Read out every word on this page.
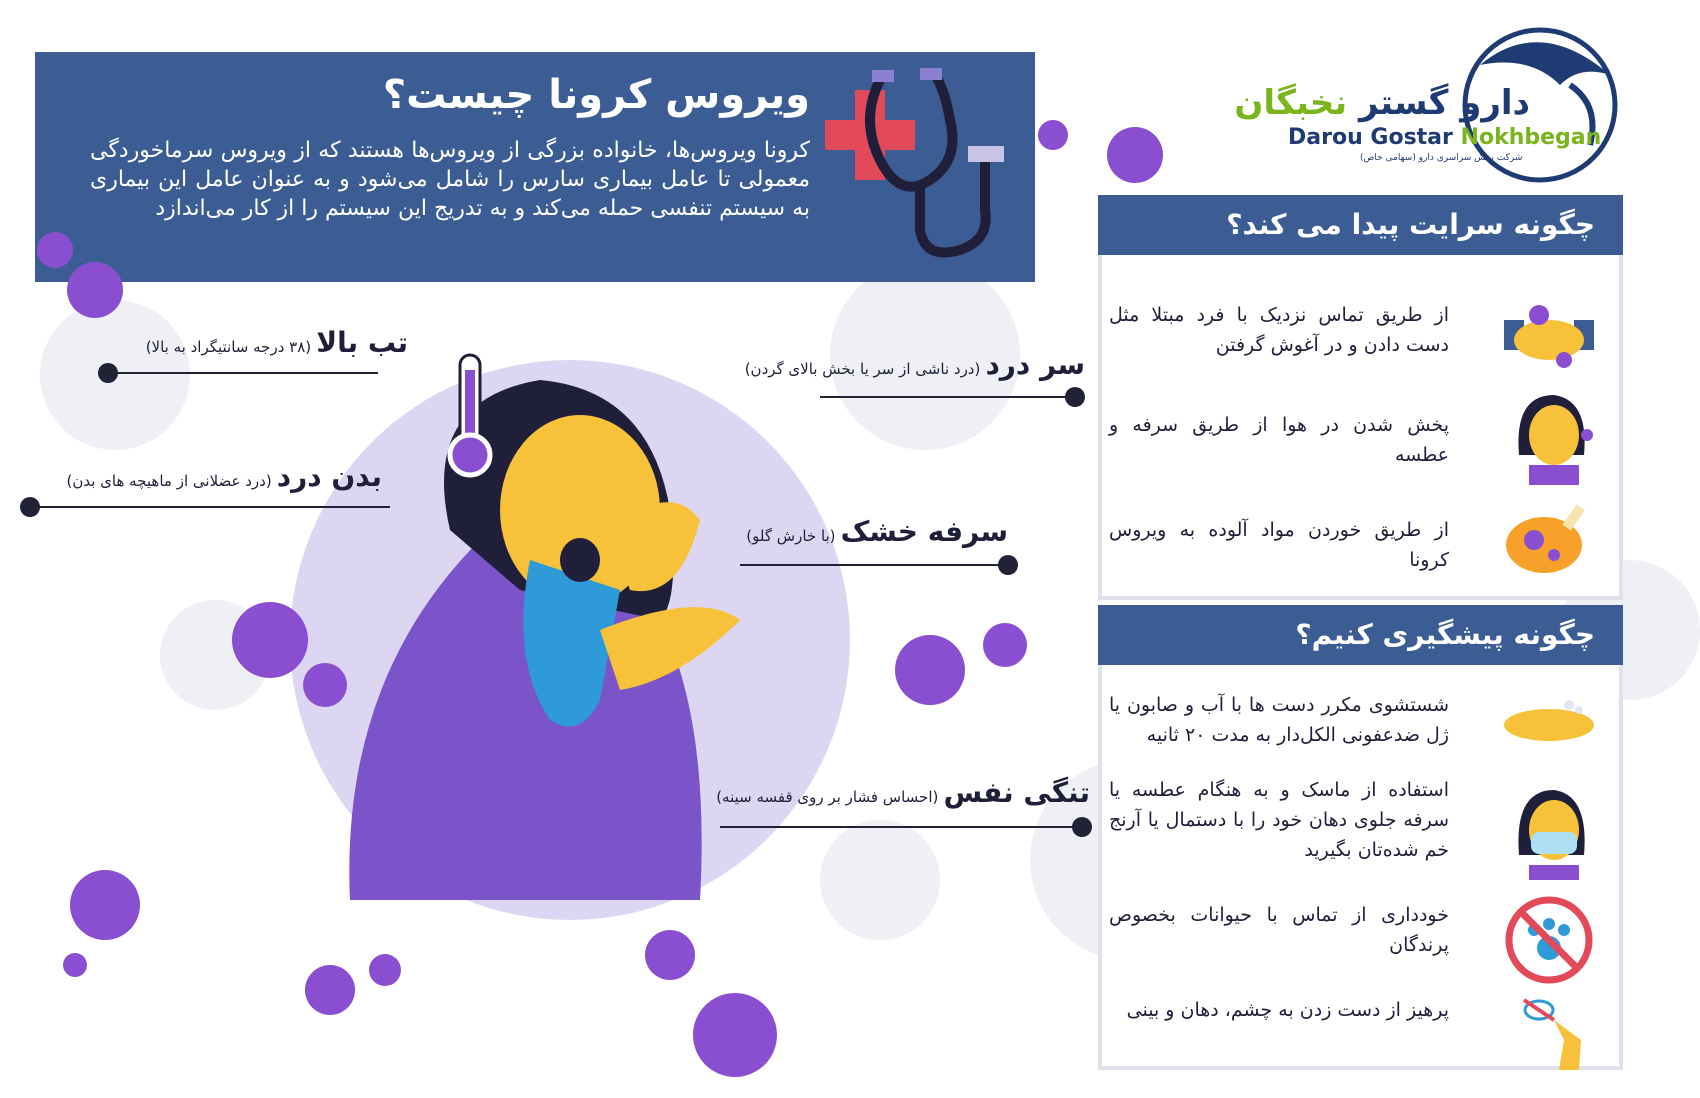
ویروس کرونا چیست؟
کرونا ویروس‌ها، خانواده بزرگی از ویروس‌ها هستند که از ویروس سرماخوردگی معمولی تا عامل بیماری سارس را شامل می‌شود و به عنوان عامل این بیماری به سیستم تنفسی حمله می‌کند و به تدریج این سیستم را از کار می‌اندازد
دارو گستر نخبگان
Darou Gostar Nokhbegan
شرکت پخش سراسری دارو (سهامی خاص)
تب بالا (۳۸ درجه سانتیگراد به بالا)
سر درد (درد ناشی از سر یا بخش بالای گردن)
بدن درد (درد عضلانی از ماهیچه های بدن)
سرفه خشک (با خارش گلو)
تنگی نفس (احساس فشار بر روی قفسه سینه)
چگونه سرایت پیدا می کند؟
از طریق تماس نزدیک با فرد مبتلا مثل دست دادن و در آغوش گرفتن
پخش شدن در هوا از طریق سرفه و عطسه
از طریق خوردن مواد آلوده به ویروس کرونا
چگونه پیشگیری کنیم؟
شستشوی مکرر دست ها با آب و صابون یا ژل ضدعفونی الکل‌دار به مدت ۲۰ ثانیه
استفاده از ماسک و به هنگام عطسه یا سرفه جلوی دهان خود را با دستمال یا آرنج خم شده‌تان بگیرید
خودداری از تماس با حیوانات بخصوص پرندگان
پرهیز از دست زدن به چشم، دهان و بینی
